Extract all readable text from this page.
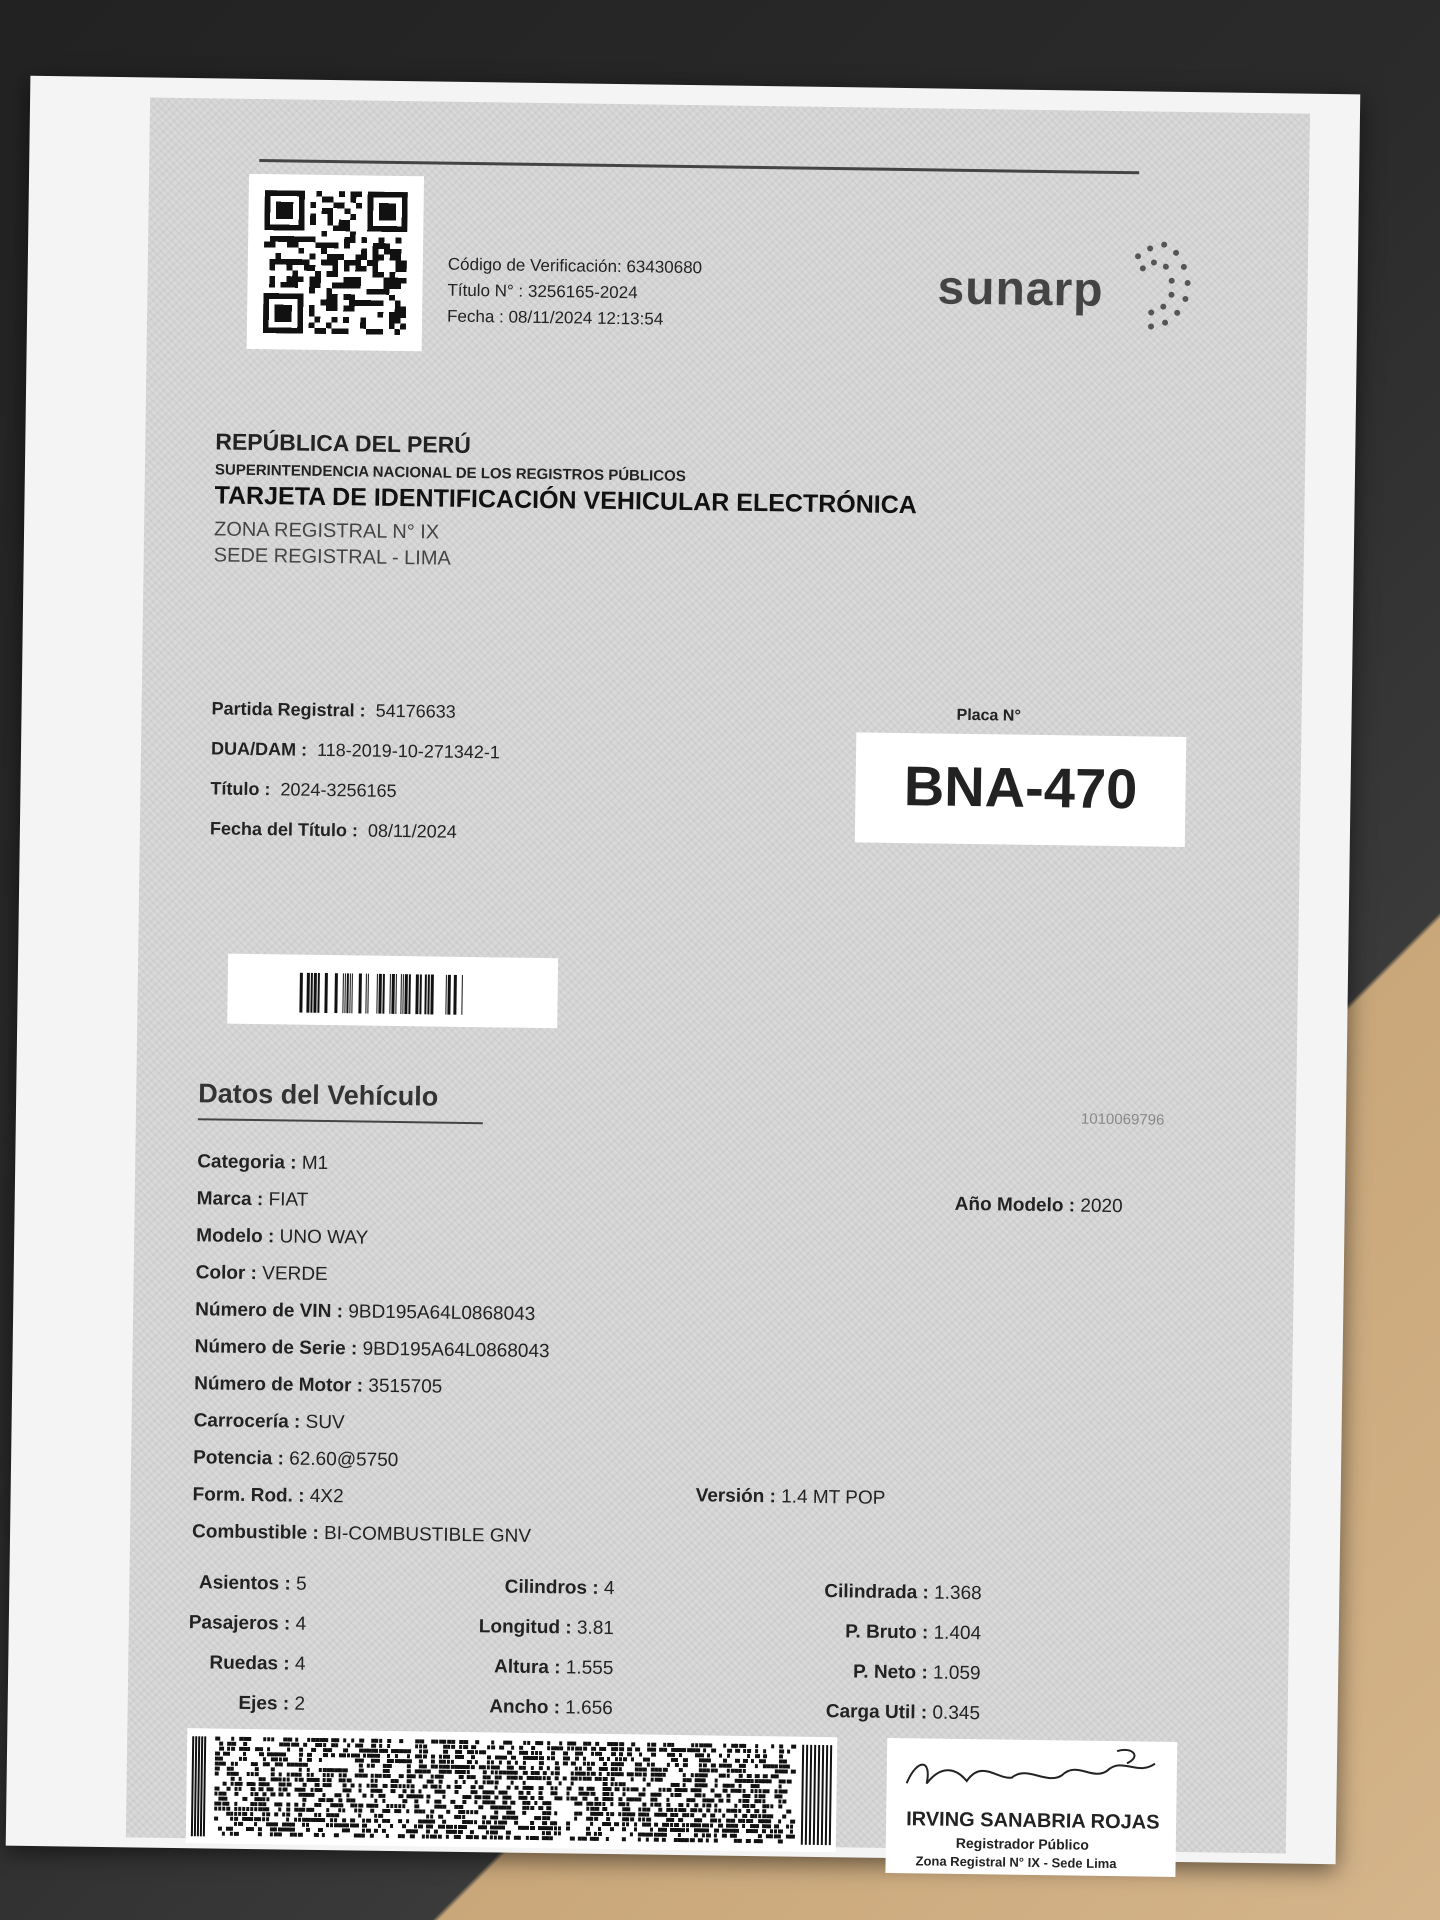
Código de Verificación: 63430680
Título N° : 3256165-2024
Fecha : 08/11/2024 12:13:54
sunarp
REPÚBLICA DEL PERÚ
SUPERINTENDENCIA NACIONAL DE LOS REGISTROS PÚBLICOS
TARJETA DE IDENTIFICACIÓN VEHICULAR ELECTRÓNICA
ZONA REGISTRAL N° IX
SEDE REGISTRAL - LIMA
Partida Registral : 54176633
DUA/DAM : 118-2019-10-271342-1
Título : 2024-3256165
Fecha del Título : 08/11/2024
Placa N°
BNA-470
Datos del Vehículo
1010069796
Categoria : M1
Marca : FIAT
Modelo : UNO WAY
Color : VERDE
Número de VIN : 9BD195A64L0868043
Número de Serie : 9BD195A64L0868043
Número de Motor : 3515705
Carrocería : SUV
Potencia : 62.60@5750
Form. Rod. : 4X2
Combustible : BI-COMBUSTIBLE GNV
Año Modelo : 2020
Versión : 1.4 MT POP
Asientos : 5
Pasajeros : 4
Ruedas : 4
Ejes : 2
Cilindros : 4
Longitud : 3.81
Altura : 1.555
Ancho : 1.656
Cilindrada : 1.368
P. Bruto : 1.404
P. Neto : 1.059
Carga Util : 0.345
IRVING SANABRIA ROJAS
Registrador Público
Zona Registral N° IX - Sede Lima
